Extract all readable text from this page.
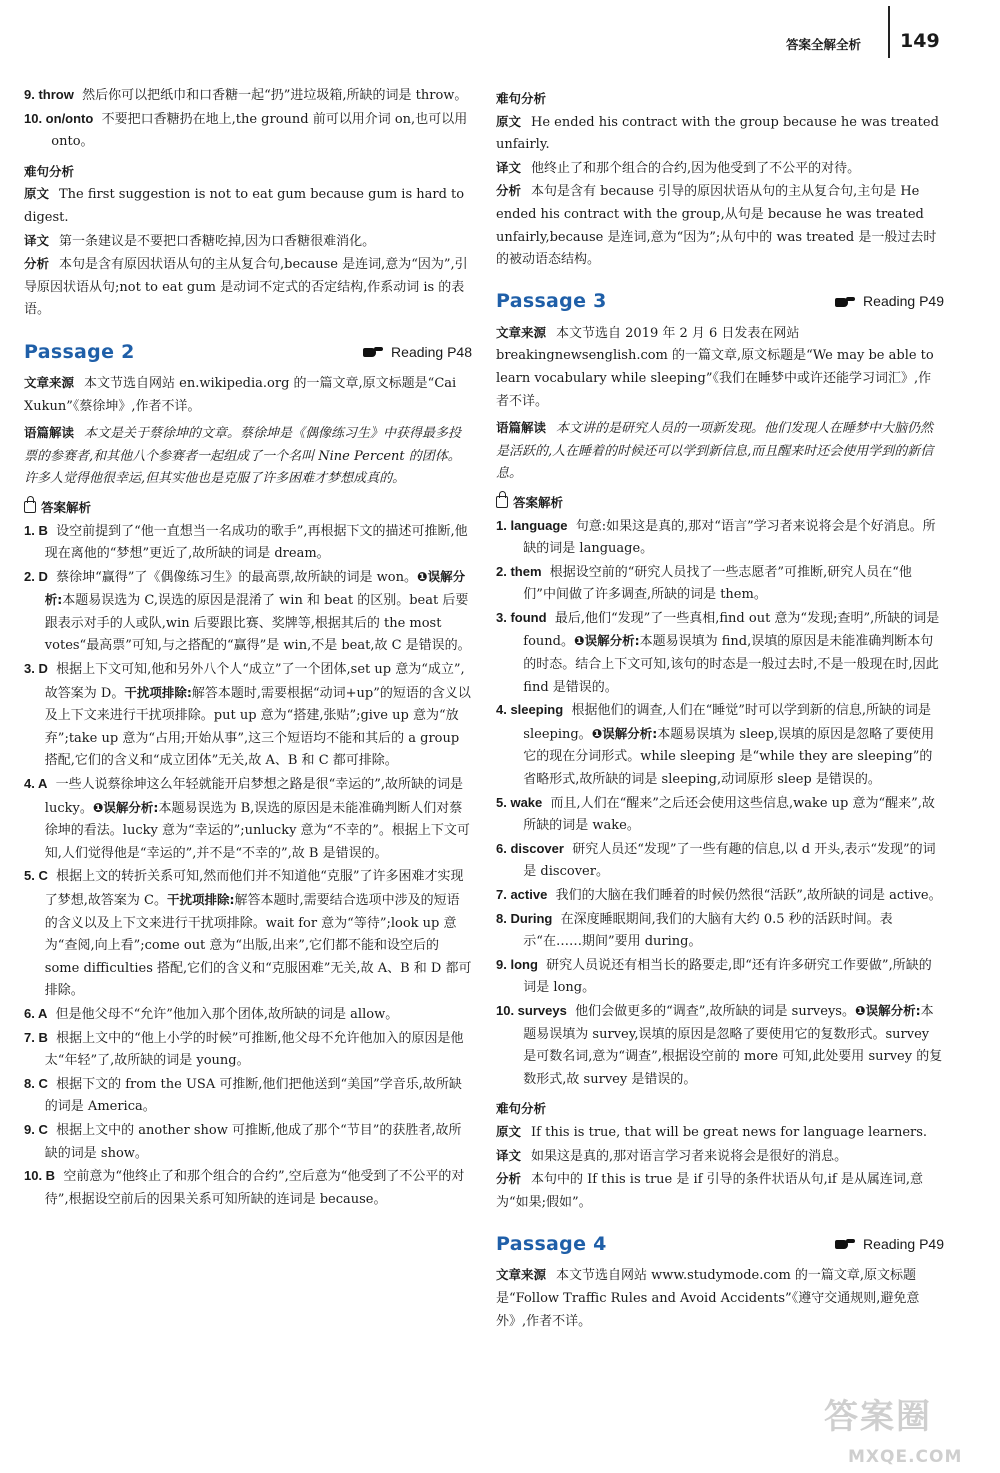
答案全解全析 149

9. throw 然后你可以把纸巾和口香糖一起“扔”进垃圾箱,所缺的词是 throw。

10. on/onto 不要把口香糖扔在地上,the ground 前可以用介词 on,也可以用 onto。

难句分析

原文 The first suggestion is not to eat gum because gum is hard to digest.

译文 第一条建议是不要把口香糖吃掉,因为口香糖很难消化。

分析 本句是含有原因状语从句的主从复合句,because 是连词,意为“因为”,引导原因状语从句;not to eat gum 是动词不定式的否定结构,作系动词 is 的表语。

Passage 2	Reading P48

文章来源 本文节选自网站 en.wikipedia.org 的一篇文章,原文标题是“Cai Xukun”《蔡徐坤》,作者不详。

语篇解读 本文是关于蔡徐坤的文章。蔡徐坤是《偶像练习生》中获得最多投票的参赛者,和其他八个参赛者一起组成了一个名叫 Nine Percent 的团体。许多人觉得他很幸运,但其实他也是克服了许多困难才梦想成真的。

答案解析

1. B 设空前提到了“他一直想当一名成功的歌手”,再根据下文的描述可推断,他现在离他的“梦想”更近了,故所缺的词是 dream。

2. D 蔡徐坤“赢得”了《偶像练习生》的最高票,故所缺的词是 won。❶误解分析:本题易误选为 C,误选的原因是混淆了 win 和 beat 的区别。beat 后要跟表示对手的人或队,win 后要跟比赛、奖牌等,根据其后的 the most votes“最高票”可知,与之搭配的“赢得”是 win,不是 beat,故 C 是错误的。

3. D 根据上下文可知,他和另外八个人“成立”了一个团体,set up 意为“成立”,故答案为 D。干扰项排除:解答本题时,需要根据“动词+up”的短语的含义以及上下文来进行干扰项排除。put up 意为“搭建,张贴”;give up 意为“放弃”;take up 意为“占用;开始从事”,这三个短语均不能和其后的 a group 搭配,它们的含义和“成立团体”无关,故 A、B 和 C 都可排除。

4. A 一些人说蔡徐坤这么年轻就能开启梦想之路是很“幸运的”,故所缺的词是 lucky。❶误解分析:本题易误选为 B,误选的原因是未能准确判断人们对蔡徐坤的看法。lucky 意为“幸运的”;unlucky 意为“不幸的”。根据上下文可知,人们觉得他是“幸运的”,并不是“不幸的”,故 B 是错误的。

5. C 根据上文的转折关系可知,然而他们并不知道他“克服”了许多困难才实现了梦想,故答案为 C。干扰项排除:解答本题时,需要结合选项中涉及的短语的含义以及上下文来进行干扰项排除。wait for 意为“等待”;look up 意为“查阅,向上看”;come out 意为“出版,出来”,它们都不能和设空后的 some difficulties 搭配,它们的含义和“克服困难”无关,故 A、B 和 D 都可排除。

6. A 但是他父母不“允许”他加入那个团体,故所缺的词是 allow。

7. B 根据上文中的“他上小学的时候”可推断,他父母不允许他加入的原因是他太“年轻”了,故所缺的词是 young。

8. C 根据下文的 from the USA 可推断,他们把他送到“美国”学音乐,故所缺的词是 America。

9. C 根据上文中的 another show 可推断,他成了那个“节目”的获胜者,故所缺的词是 show。

10. B 空前意为“他终止了和那个组合的合约”,空后意为“他受到了不公平的对待”,根据设空前后的因果关系可知所缺的连词是 because。

难句分析

原文 He ended his contract with the group because he was treated unfairly.

译文 他终止了和那个组合的合约,因为他受到了不公平的对待。

分析 本句是含有 because 引导的原因状语从句的主从复合句,主句是 He ended his contract with the group,从句是 because he was treated unfairly,because 是连词,意为“因为”;从句中的 was treated 是一般过去时的被动语态结构。

Passage 3	Reading P49

文章来源 本文节选自 2019 年 2 月 6 日发表在网站 breakingnewsenglish.com 的一篇文章,原文标题是“We may be able to learn vocabulary while sleeping”《我们在睡梦中或许还能学习词汇》,作者不详。

语篇解读 本文讲的是研究人员的一项新发现。他们发现人在睡梦中大脑仍然是活跃的,人在睡着的时候还可以学到新信息,而且醒来时还会使用学到的新信息。

答案解析

1. language 句意:如果这是真的,那对“语言”学习者来说将会是个好消息。所缺的词是 language。

2. them 根据设空前的“研究人员找了一些志愿者”可推断,研究人员在“他们”中间做了许多调查,所缺的词是 them。

3. found 最后,他们“发现”了一些真相,find out 意为“发现;查明”,所缺的词是 found。❶误解分析:本题易误填为 find,误填的原因是未能准确判断本句的时态。结合上下文可知,该句的时态是一般过去时,不是一般现在时,因此 find 是错误的。

4. sleeping 根据他们的调查,人们在“睡觉”时可以学到新的信息,所缺的词是 sleeping。❶误解分析:本题易误填为 sleep,误填的原因是忽略了要使用它的现在分词形式。while sleeping 是“while they are sleeping”的省略形式,故所缺的词是 sleeping,动词原形 sleep 是错误的。

5. wake 而且,人们在“醒来”之后还会使用这些信息,wake up 意为“醒来”,故所缺的词是 wake。

6. discover 研究人员还“发现”了一些有趣的信息,以 d 开头,表示“发现”的词是 discover。

7. active 我们的大脑在我们睡着的时候仍然很“活跃”,故所缺的词是 active。

8. During 在深度睡眠期间,我们的大脑有大约 0.5 秒的活跃时间。表示“在……期间”要用 during。

9. long 研究人员说还有相当长的路要走,即“还有许多研究工作要做”,所缺的词是 long。

10. surveys 他们会做更多的“调查”,故所缺的词是 surveys。❶误解分析:本题易误填为 survey,误填的原因是忽略了要使用它的复数形式。survey 是可数名词,意为“调查”,根据设空前的 more 可知,此处要用 survey 的复数形式,故 survey 是错误的。

难句分析

原文 If this is true, that will be great news for language learners.

译文 如果这是真的,那对语言学习者来说将会是很好的消息。

分析 本句中的 If this is true 是 if 引导的条件状语从句,if 是从属连词,意为“如果;假如”。

Passage 4	Reading P49

文章来源 本文节选自网站 www.studymode.com 的一篇文章,原文标题是“Follow Traffic Rules and Avoid Accidents”《遵守交通规则,避免意外》,作者不详。

答案圈
MXQE.COM
